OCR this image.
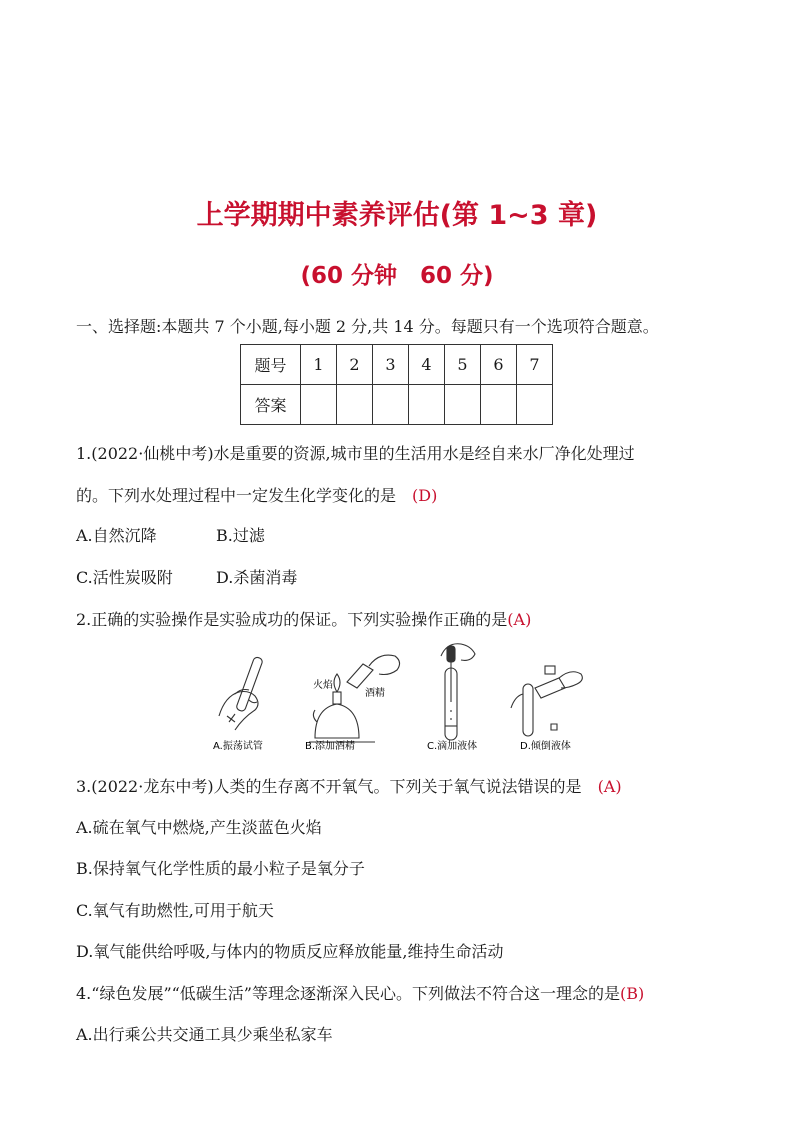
上学期期中素养评估(第 1~3 章)
(60 分钟　60 分)
一、选择题:本题共 7 个小题,每小题 2 分,共 14 分。每题只有一个选项符合题意。
题号	1	2	3	4	5	6	7
答案							
1.(2022·仙桃中考)水是重要的资源,城市里的生活用水是经自来水厂净化处理过
的。下列水处理过程中一定发生化学变化的是　(D)
A.自然沉降	B.过滤
C.活性炭吸附	D.杀菌消毒
2.正确的实验操作是实验成功的保证。下列实验操作正确的是(A)
A.振荡试管
火焰
酒精
B.添加酒精	C.滴加液体	D.倾倒液体
3.(2022·龙东中考)人类的生存离不开氧气。下列关于氧气说法错误的是　(A)
A.硫在氧气中燃烧,产生淡蓝色火焰
B.保持氧气化学性质的最小粒子是氧分子
C.氧气有助燃性,可用于航天
D.氧气能供给呼吸,与体内的物质反应释放能量,维持生命活动
4.“绿色发展”“低碳生活”等理念逐渐深入民心。下列做法不符合这一理念的是(B)
A.出行乘公共交通工具少乘坐私家车
